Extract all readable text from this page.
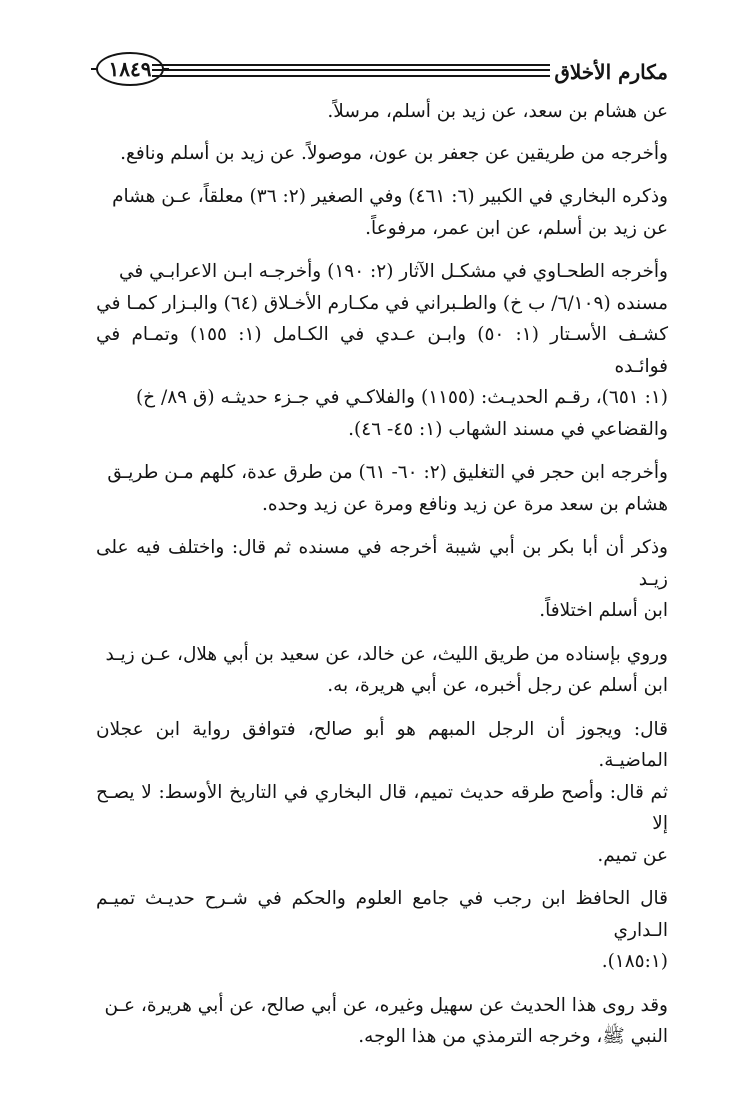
١٨٤٩	مكارم الأخلاق

عن هشام بن سعد، عن زيد بن أسلم، مرسلاً.

وأخرجه من طريقين عن جعفر بن عون، موصولاً. عن زيد بن أسلم ونافع.

وذكره البخاري في الكبير (٦: ٤٦١) وفي الصغير (٢: ٣٦) معلقاً، عـن هشام
عن زيد بن أسلم، عن ابن عمر، مرفوعاً.

وأخرجه الطحـاوي في مشكـل الآثار (٢: ١٩٠) وأخرجـه ابـن الاعرابـي في
مسنده (٦/١٠٩/ ب خ) والطـبراني في مكـارم الأخـلاق (٦٤) والبـزار كمـا في
كشـف الأسـتار (١: ٥٠) وابـن عـدي في الكـامل (١: ١٥٥) وتمـام في فوائـده
(١: ٦٥١)، رقـم الحديـث: (١١٥٥) والفلاكـي في جـزء حديثـه (ق ٨٩/ خ)
والقضاعي في مسند الشهاب (١: ٤٥- ٤٦).

وأخرجه ابن حجر في التغليق (٢: ٦٠- ٦١) من طرق عدة، كلهم مـن طريـق
هشام بن سعد مرة عن زيد ونافع ومرة عن زيد وحده.

وذكر أن أبا بكر بن أبي شيبة أخرجه في مسنده ثم قال: واختلف فيه على زيـد
ابن أسلم اختلافاً.

وروي بإسناده من طريق الليث، عن خالد، عن سعيد بن أبي هلال، عـن زيـد
ابن أسلم عن رجل أخبره، عن أبي هريرة، به.

قال: ويجوز أن الرجل المبهم هو أبو صالح، فتوافق رواية ابن عجلان الماضيـة.
ثم قال: وأصح طرقه حديث تميم، قال البخاري في التاريخ الأوسط: لا يصـح إلا
عن تميم.

قال الحافظ ابن رجب في جامع العلوم والحكم في شـرح حديـث تميـم الـداري
(١٨٥:١).

وقد روى هذا الحديث عن سهيل وغيره، عن أبي صالح، عن أبي هريرة، عـن
النبي ﷺ، وخرجه الترمذي من هذا الوجه.
